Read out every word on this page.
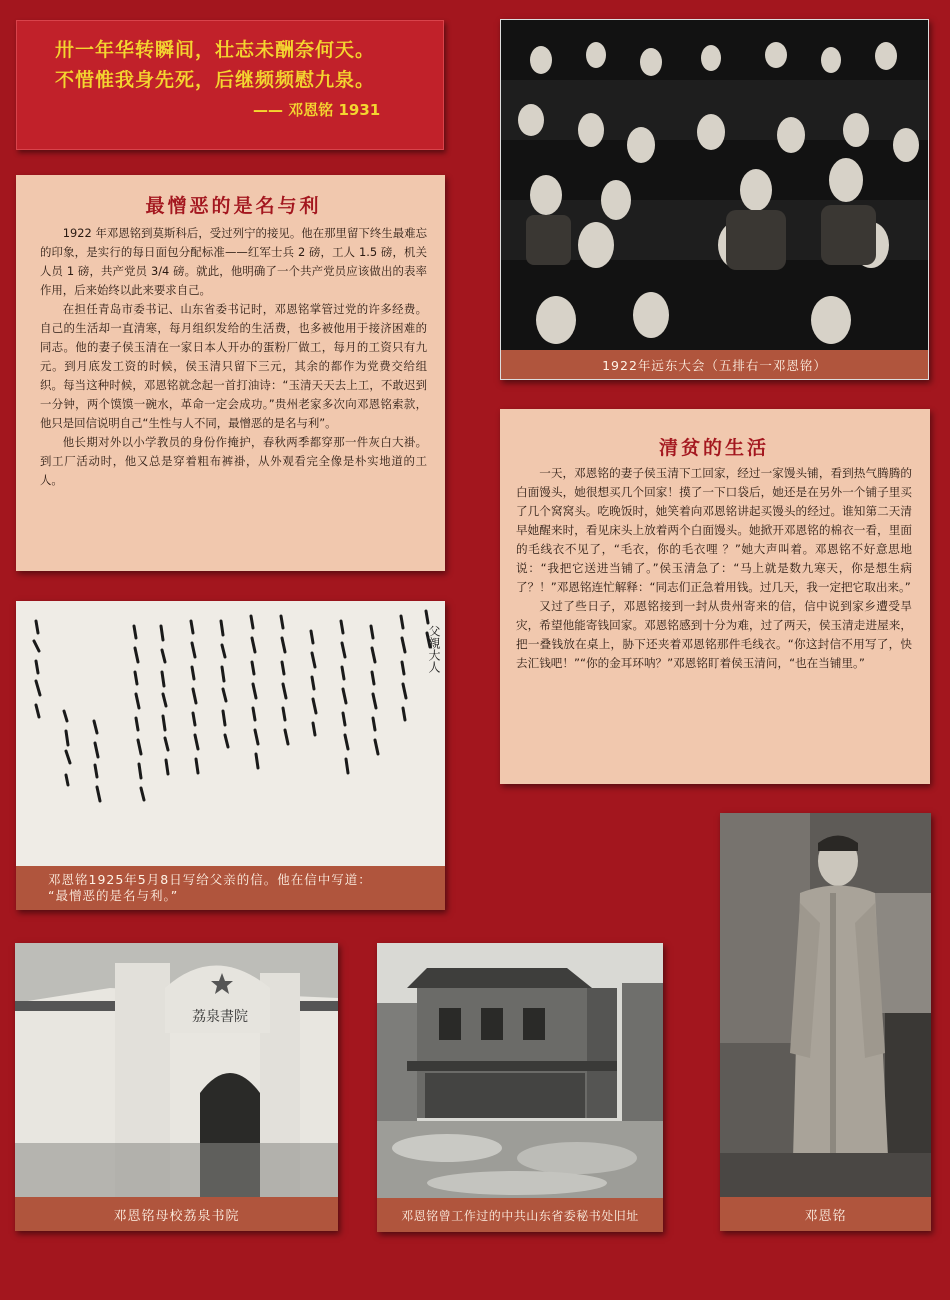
卅一年华转瞬间，壮志未酬奈何天。
不惜惟我身先死，后继频频慰九泉。
—— 邓恩铭 1931
最憎恶的是名与利

1922 年邓恩铭到莫斯科后，受过列宁的接见。他在那里留下终生最难忘的印象，是实行的每日面包分配标准——红军士兵 2 磅，工人 1.5 磅，机关人员 1 磅，共产党员 3/4 磅。就此，他明确了一个共产党员应该做出的表率作用，后来始终以此来要求自己。

在担任青岛市委书记、山东省委书记时，邓恩铭掌管过党的许多经费。自己的生活却一直清寒，每月组织发给的生活费，也多被他用于接济困难的同志。他的妻子侯玉清在一家日本人开办的蛋粉厂做工，每月的工资只有九元。到月底发工资的时候，侯玉清只留下三元，其余的都作为党费交给组织。每当这种时候，邓恩铭就念起一首打油诗：“玉清天天去上工，不敢迟到一分钟，两个馍馍一碗水，革命一定会成功。”贵州老家多次向邓恩铭索款，他只是回信说明自己“生性与人不同，最憎恶的是名与利”。

他长期对外以小学教员的身份作掩护，春秋两季都穿那一件灰白大褂。到工厂活动时，他又总是穿着粗布裤褂，从外观看完全像是朴实地道的工人。

1922年远东大会（五排右一邓恩铭）
清贫的生活

一天，邓恩铭的妻子侯玉清下工回家，经过一家馒头铺，看到热气腾腾的白面馒头，她很想买几个回家！摸了一下口袋后，她还是在另外一个铺子里买了几个窝窝头。吃晚饭时，她笑着向邓恩铭讲起买馒头的经过。谁知第二天清早她醒来时，看见床头上放着两个白面馒头。她掀开邓恩铭的棉衣一看，里面的毛线衣不见了，“毛衣，你的毛衣哩 ？”她大声叫着。邓恩铭不好意思地说：“我把它送进当铺了。”侯玉清急了：“马上就是数九寒天，你是想生病了？！”邓恩铭连忙解释：“同志们正急着用钱。过几天，我一定把它取出来。”

又过了些日子，邓恩铭接到一封从贵州寄来的信，信中说到家乡遭受旱灾，希望他能寄钱回家。邓恩铭感到十分为难，过了两天，侯玉清走进屋来，把一叠钱放在桌上，胁下还夹着邓恩铭那件毛线衣。“你这封信不用写了，快去汇钱吧！”“你的金耳环呐？”邓恩铭盯着侯玉清问，“也在当铺里。”

父親大人
邓恩铭1925年5月8日写给父亲的信。他在信中写道：
“最憎恶的是名与利。”
荔泉書院
邓恩铭母校荔泉书院	邓恩铭曾工作过的中共山东省委秘书处旧址	邓恩铭
